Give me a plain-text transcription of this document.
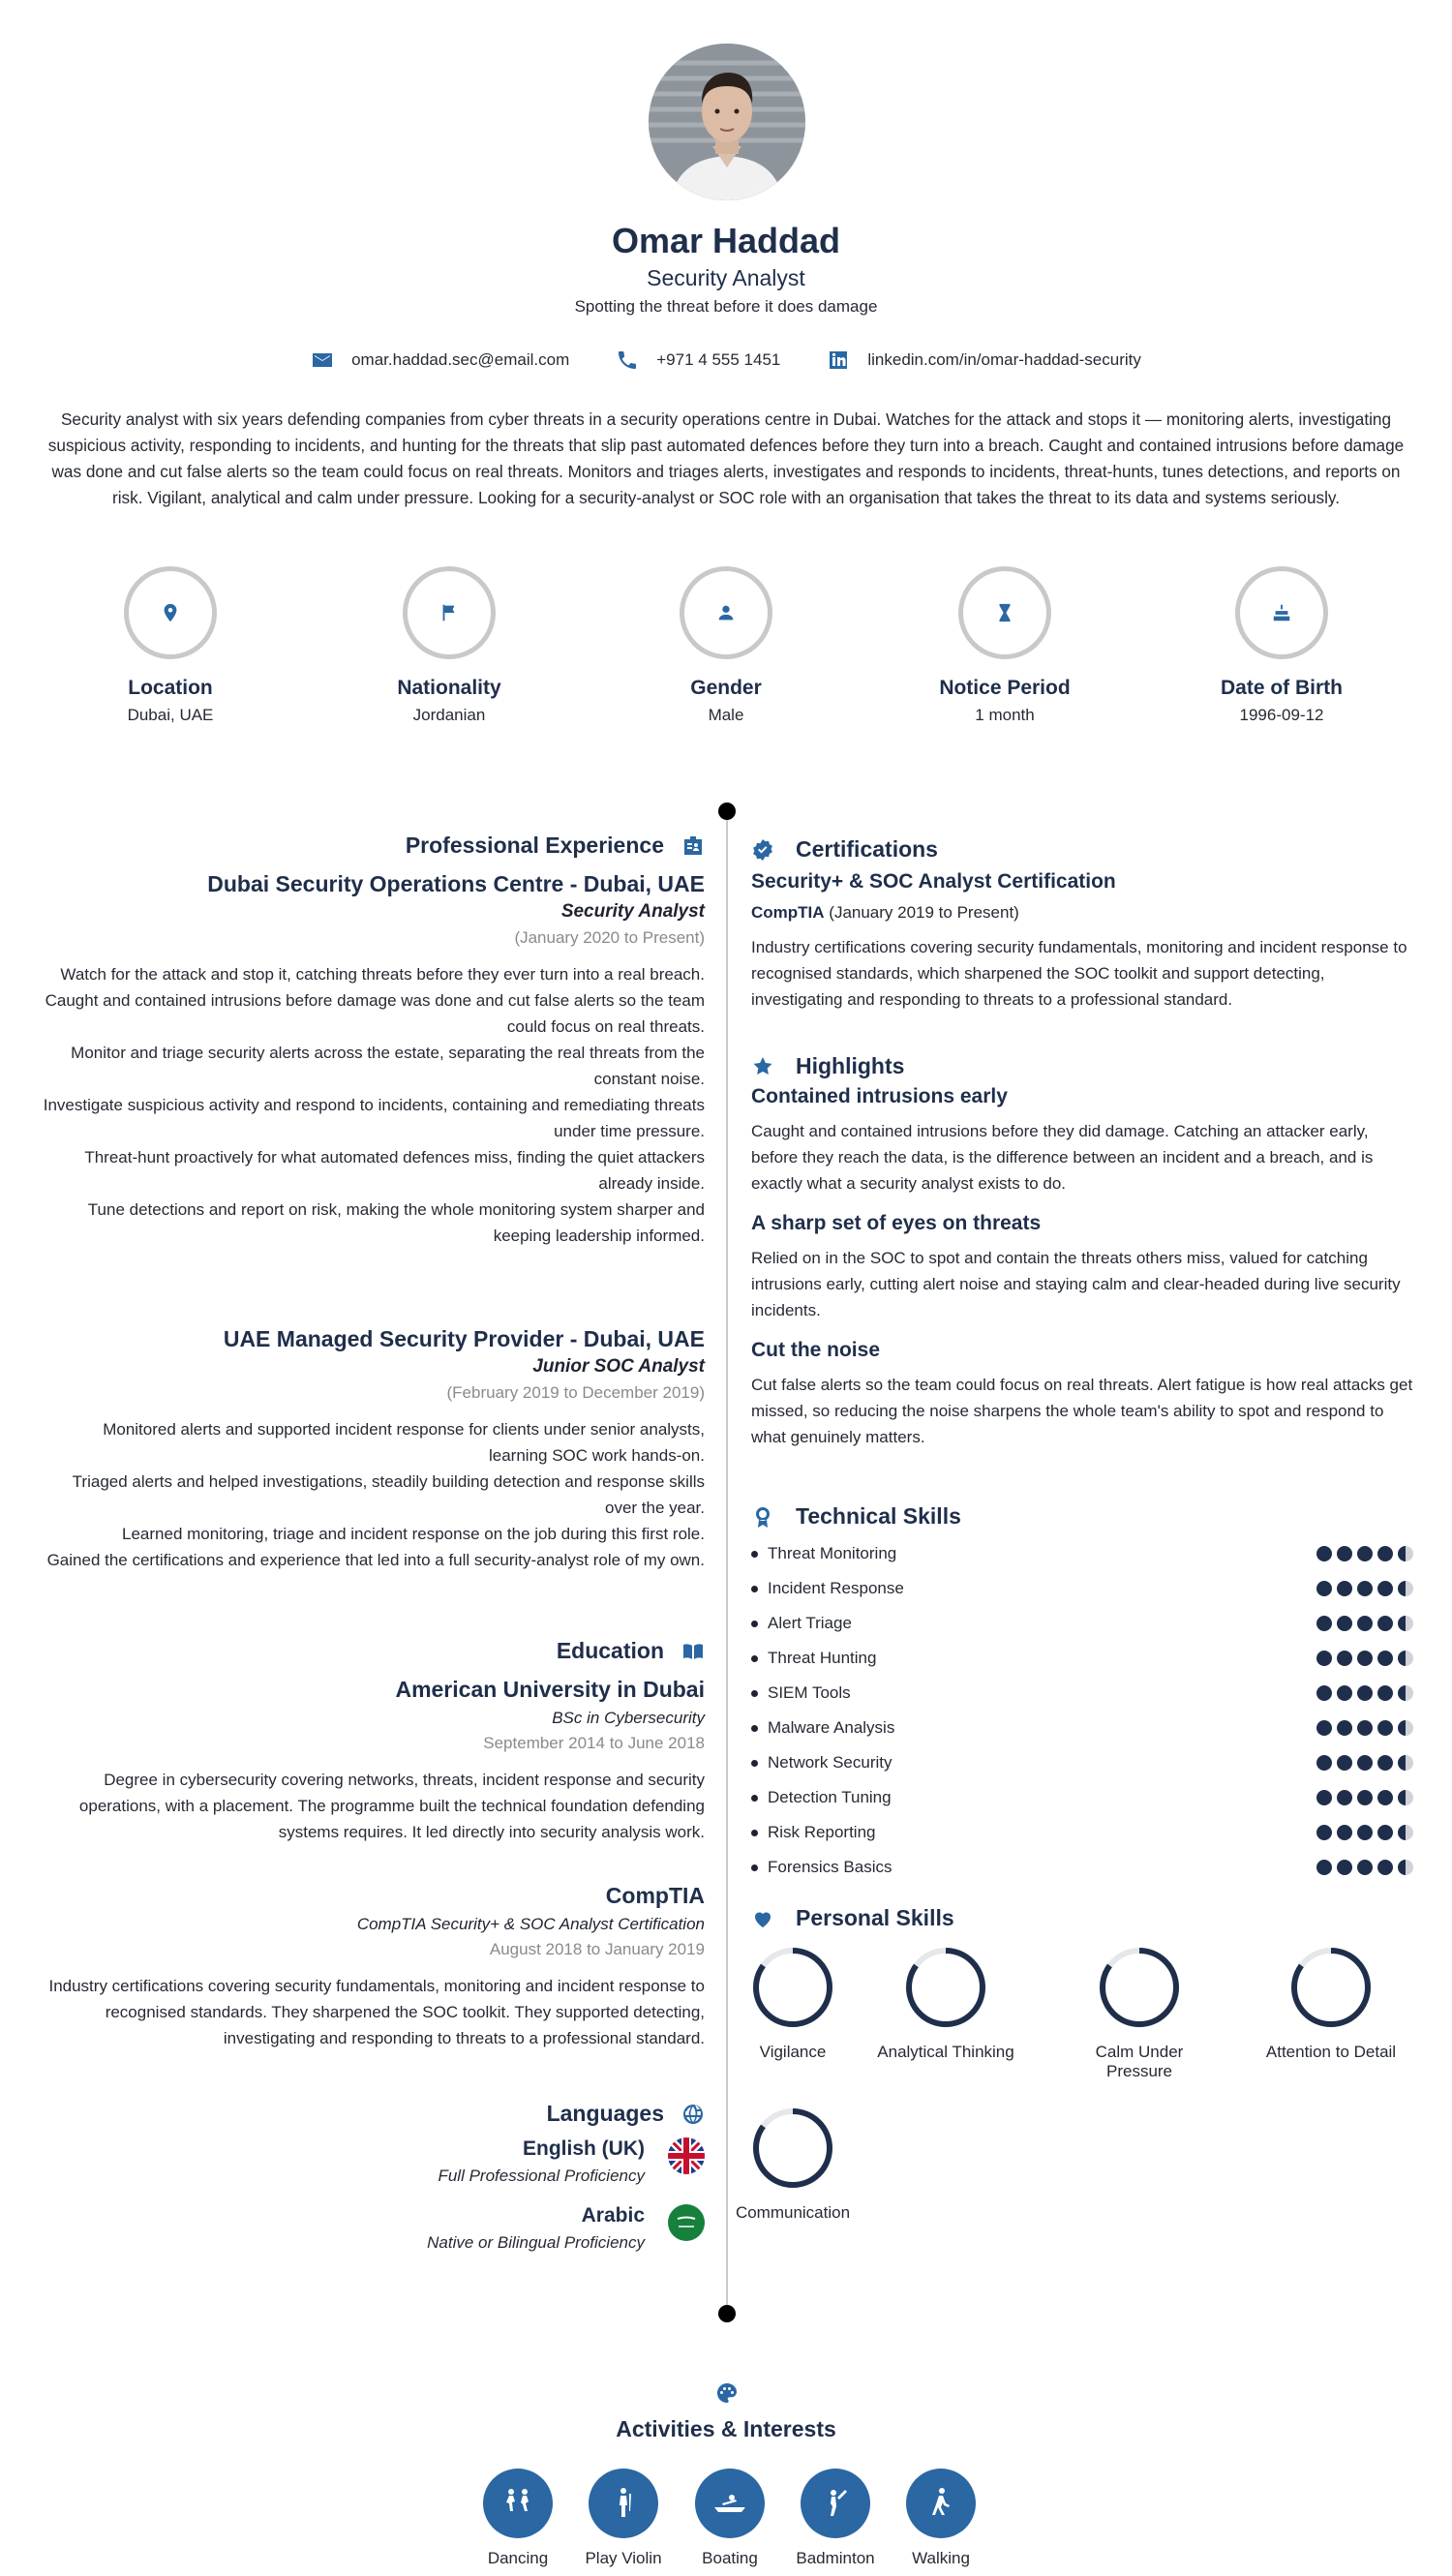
Omar Haddad
Security Analyst
Spotting the threat before it does damage
omar.haddad.sec@email.com	+971 4 555 1451	linkedin.com/in/omar-haddad-security
Security analyst with six years defending companies from cyber threats in a security operations centre in Dubai. Watches for the attack and stops it — monitoring alerts, investigating suspicious activity, responding to incidents, and hunting for the threats that slip past automated defences before they turn into a breach. Caught and contained intrusions before damage was done and cut false alerts so the team could focus on real threats. Monitors and triages alerts, investigates and responds to incidents, threat-hunts, tunes detections, and reports on risk. Vigilant, analytical and calm under pressure. Looking for a security-analyst or SOC role with an organisation that takes the threat to its data and systems seriously.
Location
Dubai, UAE
Nationality
Jordanian
Gender
Male
Notice Period
1 month
Date of Birth
1996-09-12
Professional Experience
Dubai Security Operations Centre - Dubai, UAE
Security Analyst
(January 2020 to Present)
Watch for the attack and stop it, catching threats before they ever turn into a real breach.
Caught and contained intrusions before damage was done and cut false alerts so the team could focus on real threats.
Monitor and triage security alerts across the estate, separating the real threats from the constant noise.
Investigate suspicious activity and respond to incidents, containing and remediating threats under time pressure.
Threat-hunt proactively for what automated defences miss, finding the quiet attackers already inside.
Tune detections and report on risk, making the whole monitoring system sharper and keeping leadership informed.
UAE Managed Security Provider - Dubai, UAE
Junior SOC Analyst
(February 2019 to December 2019)
Monitored alerts and supported incident response for clients under senior analysts, learning SOC work hands-on.
Triaged alerts and helped investigations, steadily building detection and response skills over the year.
Learned monitoring, triage and incident response on the job during this first role.
Gained the certifications and experience that led into a full security-analyst role of my own.
Education
American University in Dubai
BSc in Cybersecurity
September 2014 to June 2018
Degree in cybersecurity covering networks, threats, incident response and security operations, with a placement. The programme built the technical foundation defending systems requires. It led directly into security analysis work.
CompTIA
CompTIA Security+ & SOC Analyst Certification
August 2018 to January 2019
Industry certifications covering security fundamentals, monitoring and incident response to recognised standards. They sharpened the SOC toolkit. They supported detecting, investigating and responding to threats to a professional standard.
Languages
English (UK)
Full Professional Proficiency
Arabic
Native or Bilingual Proficiency
Certifications
Security+ & SOC Analyst Certification
CompTIA (January 2019 to Present)
Industry certifications covering security fundamentals, monitoring and incident response to recognised standards, which sharpened the SOC toolkit and support detecting, investigating and responding to threats to a professional standard.
Highlights
Contained intrusions early
Caught and contained intrusions before they did damage. Catching an attacker early, before they reach the data, is the difference between an incident and a breach, and is exactly what a security analyst exists to do.
A sharp set of eyes on threats
Relied on in the SOC to spot and contain the threats others miss, valued for catching intrusions early, cutting alert noise and staying calm and clear-headed during live security incidents.
Cut the noise
Cut false alerts so the team could focus on real threats. Alert fatigue is how real attacks get missed, so reducing the noise sharpens the whole team's ability to spot and respond to what genuinely matters.
Technical Skills
Threat Monitoring
Incident Response
Alert Triage
Threat Hunting
SIEM Tools
Malware Analysis
Network Security
Detection Tuning
Risk Reporting
Forensics Basics
Personal Skills
Vigilance	Analytical Thinking	Calm Under Pressure
Attention to Detail
Communication
Activities & Interests
Dancing	Play Violin	Boating	Badminton	Walking
